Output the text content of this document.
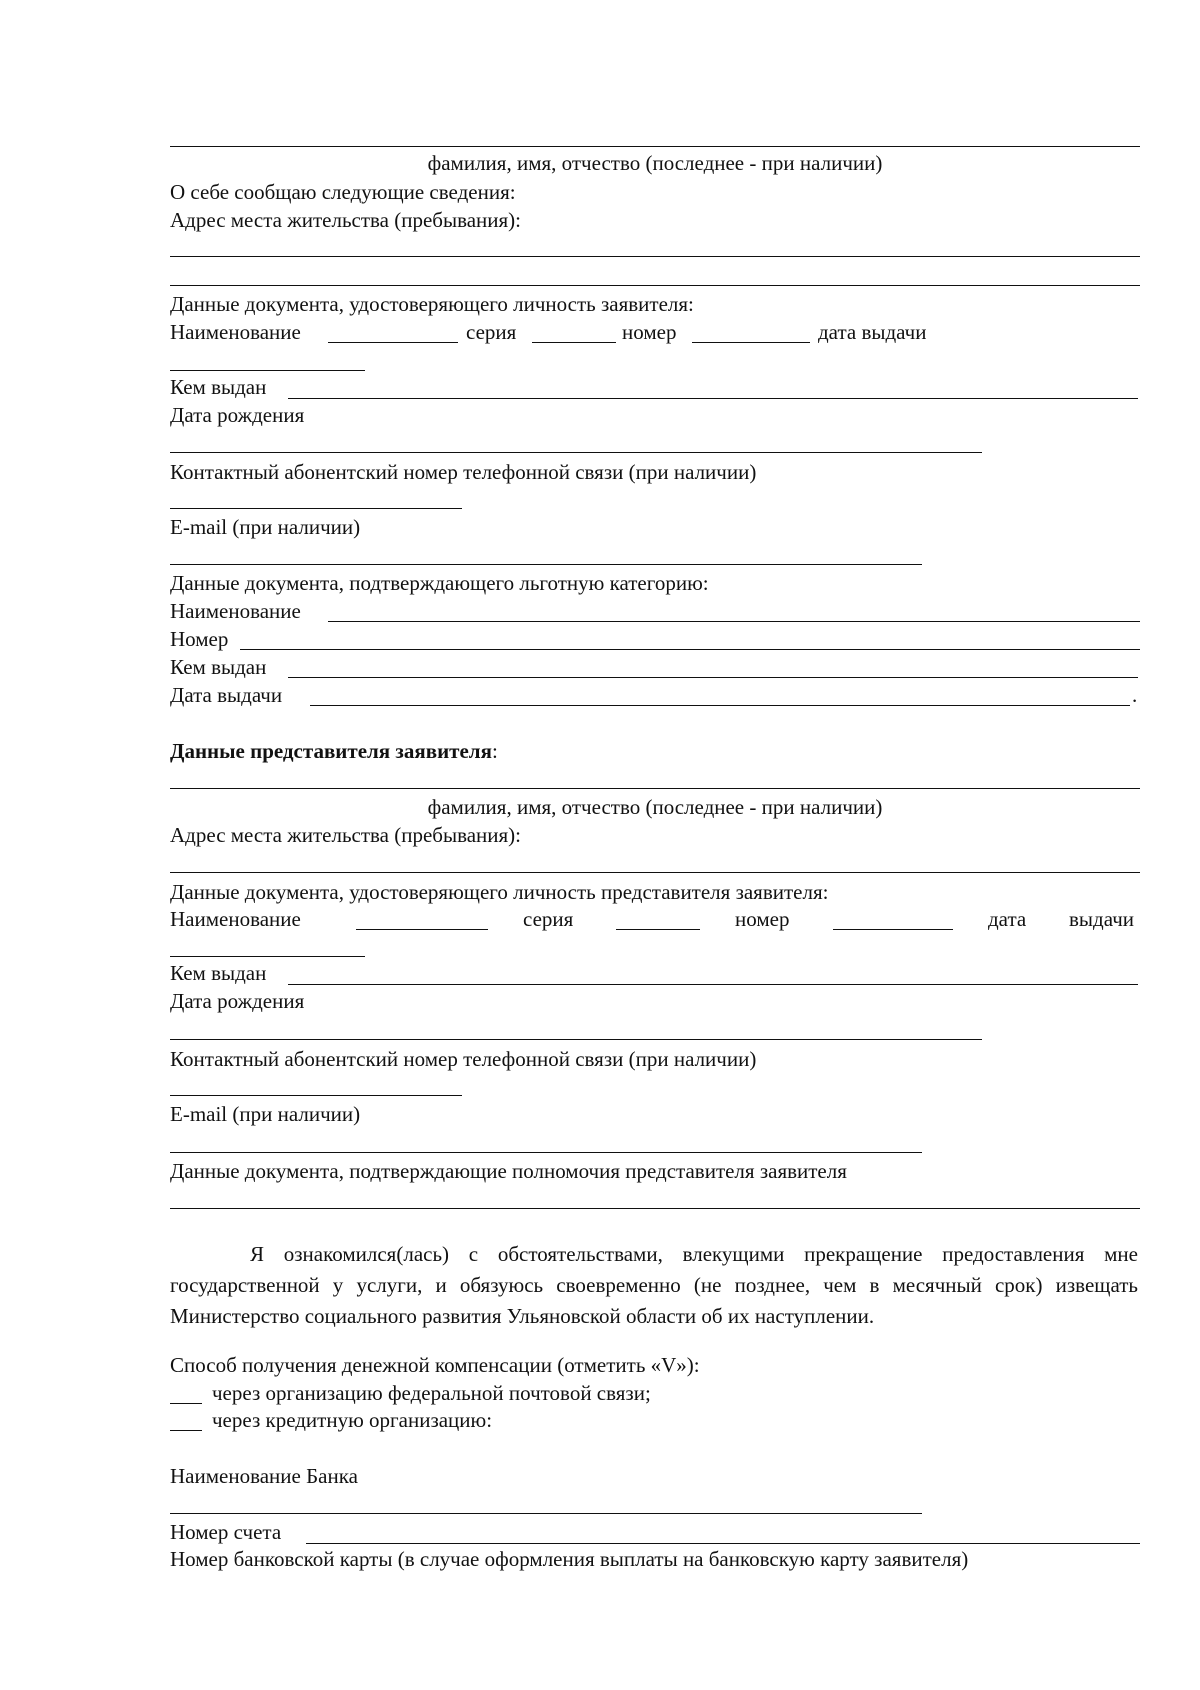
фамилия, имя, отчество (последнее - при наличии)
О себе сообщаю следующие сведения:
Адрес места жительства (пребывания):
Данные документа, удостоверяющего личность заявителя:
Наименование	серия	номер	дата выдачи
Кем выдан
Дата рождения
Контактный абонентский номер телефонной связи (при наличии)
E-mail (при наличии)
Данные документа, подтверждающего льготную категорию:
Наименование
Номер
Кем выдан
Дата выдачи	.
Данные представителя заявителя:
фамилия, имя, отчество (последнее - при наличии)
Адрес места жительства (пребывания):
Данные документа, удостоверяющего личность представителя заявителя:
Наименование	серия	номер	дата выдачи
Кем выдан
Дата рождения
Контактный абонентский номер телефонной связи (при наличии)
E-mail (при наличии)
Данные документа, подтверждающие полномочия представителя заявителя
Я ознакомился(лась) с обстоятельствами, влекущими прекращение предоставления мне государственной у услуги, и обязуюсь своевременно (не позднее, чем в месячный срок) извещать Министерство социального развития Ульяновской области об их наступлении.
Способ получения денежной компенсации (отметить «V»):
через организацию федеральной почтовой связи;
через кредитную организацию:
Наименование Банка
Номер счета
Номер банковской карты (в случае оформления выплаты на банковскую карту заявителя)
